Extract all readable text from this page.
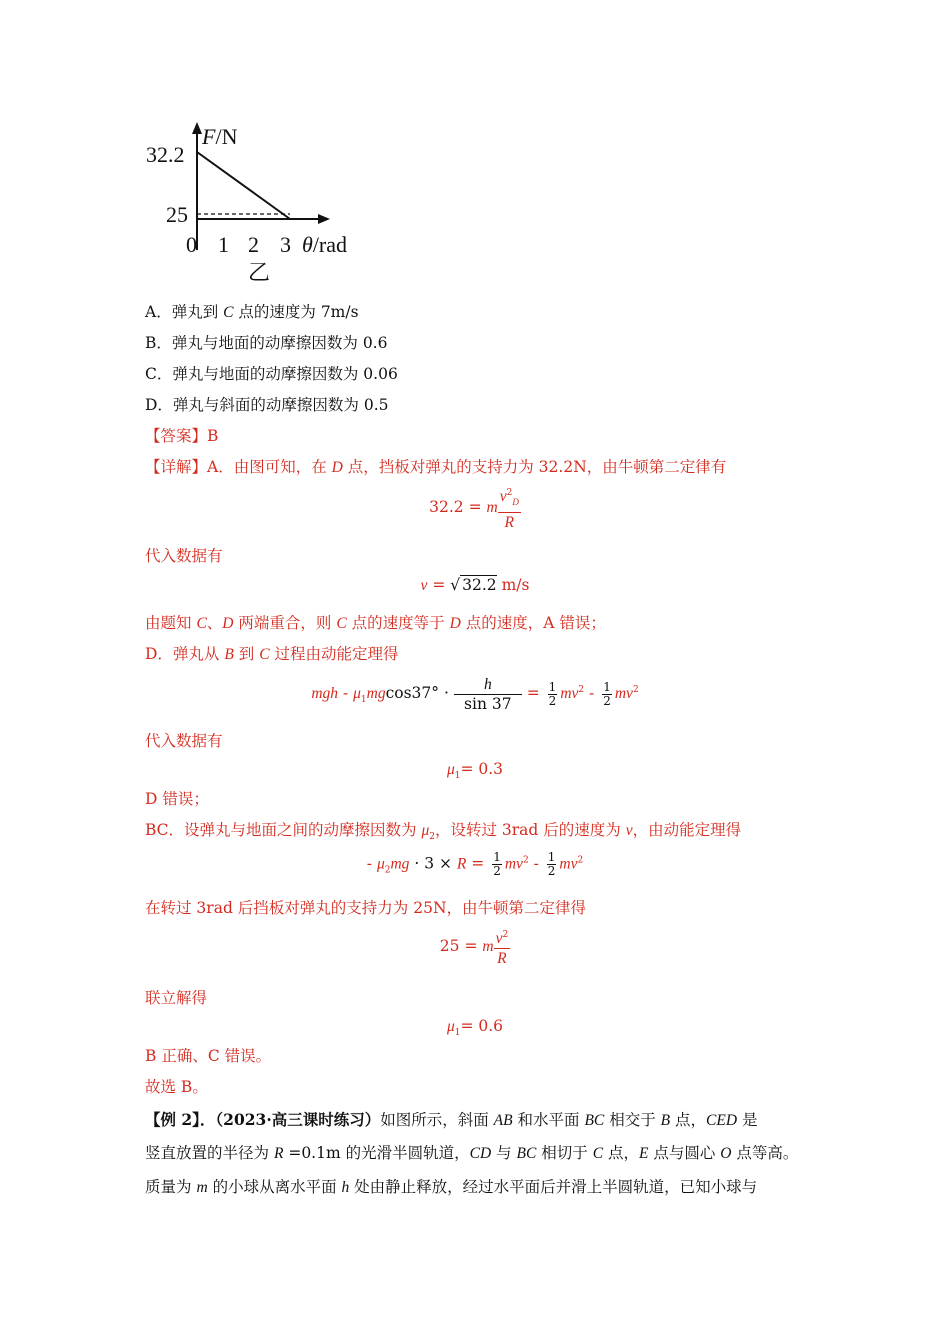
F/N
32.2
25
0 1 2 3 θ/rad
乙
A．弹丸到 C 点的速度为 7m/s
B．弹丸与地面的动摩擦因数为 0.6
C．弹丸与地面的动摩擦因数为 0.06
D．弹丸与斜面的动摩擦因数为 0.5
【答案】B
【详解】A．由图可知，在 D 点，挡板对弹丸的支持力为 32.2N，由牛顿第二定律有
32.2 = m $\frac{v^2_D}{R}$
代入数据有
v = √ 32.2 m/s
由题知 C、D 两端重合，则 C 点的速度等于 D 点的速度，A 错误；
D．弹丸从 B 到 C 过程由动能定理得
mgh - $\mu_1mgcos37^\circ \cdot \frac{h}{\sin 37} = \frac{1}{2} mv^2 - \frac{1}{2} mv^2$
代入数据有
$\mu_1= 0.3$
D 错误；
BC．设弹丸与地面之间的动摩擦因数为 $\mu_2$，设转过 3rad 后的速度为 v，由动能定理得
- $\mu_2mg \cdot 3 \times R = \frac{1}{2} mv^2 - \frac{1}{2} mv^2$
在转过 3rad 后挡板对弹丸的支持力为 25N，由牛顿第二定律得
25 = m $\frac{v^2}{R}$
联立解得
$\mu_1= 0.6$
B 正确、C 错误。
故选 B。
【例 2】．（2023·高三课时练习）如图所示，斜面 AB 和水平面 BC 相交于 B 点，CED 是
竖直放置的半径为 R =0.1m 的光滑半圆轨道，CD 与 BC 相切于 C 点，E 点与圆心 O 点等高。
质量为 m 的小球从离水平面 h 处由静止释放，经过水平面后并滑上半圆轨道，已知小球与
